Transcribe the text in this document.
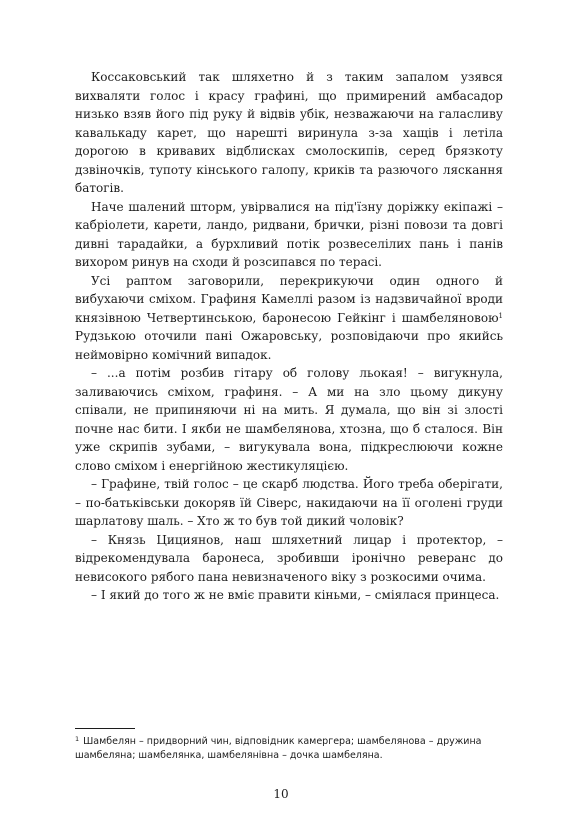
Коссаковський так шляхетно й з таким запалом узявся вихваляти голос і красу графині, що примирений амбасадор низько взяв його під руку й відвів убік, незважаючи на галасливу кавалькаду карет, що нарешті виринула з-за хащів і летіла дорогою в кривавих відблисках смолоскипів, серед брязкоту дзвіночків, тупоту кінського галопу, криків та разючого ляскання батогів.

Наче шалений шторм, увірвалися на під'їзну доріжку екіпажі – кабріолети, карети, ландо, ридвани, брички, різні повози та довгі дивні тарадайки, а бурхливий потік розвеселілих пань і панів вихором ринув на сходи й розсипався по терасі.

Усі раптом заговорили, перекрикуючи один одного й вибухаючи сміхом. Графиня Камеллі разом із надзвичайної вроди князівною Четвертинською, баронесою Гейкінг і шамбеляновою$^1$ Рудзькою оточили пані Ожаровську, розповідаючи про якийсь неймовірно комічний випадок.

– ...а потім розбив гітару об голову льокая! – вигукнула, заливаючись сміхом, графиня. – А ми на зло цьому дикуну співали, не припиняючи ні на мить. Я думала, що він зі злості почне нас бити. І якби не шамбелянова, хтозна, що б сталося. Він уже скрипів зубами, – вигукувала вона, підкреслюючи кожне слово сміхом і енергійною жестикуляцією.

– Графине, твій голос – це скарб людства. Його треба оберігати, – по-батьківськи докоряв їй Сіверс, накидаючи на її оголені груди шарлатову шаль. – Хто ж то був той дикий чоловік?

– Князь Цициянов, наш шляхетний лицар і протектор, – відрекомендувала баронеса, зробивши іронічно реверанс до невисокого рябого пана невизначеного віку з розкосими очима.

– І який до того ж не вміє правити кіньми, – сміялася принцеса.

$^1$ Шамбелян – придворний чин, відповідник камергера; шамбелянова – дружина шамбеляна; шамбелянка, шамбелянівна – дочка шамбеляна.
10
